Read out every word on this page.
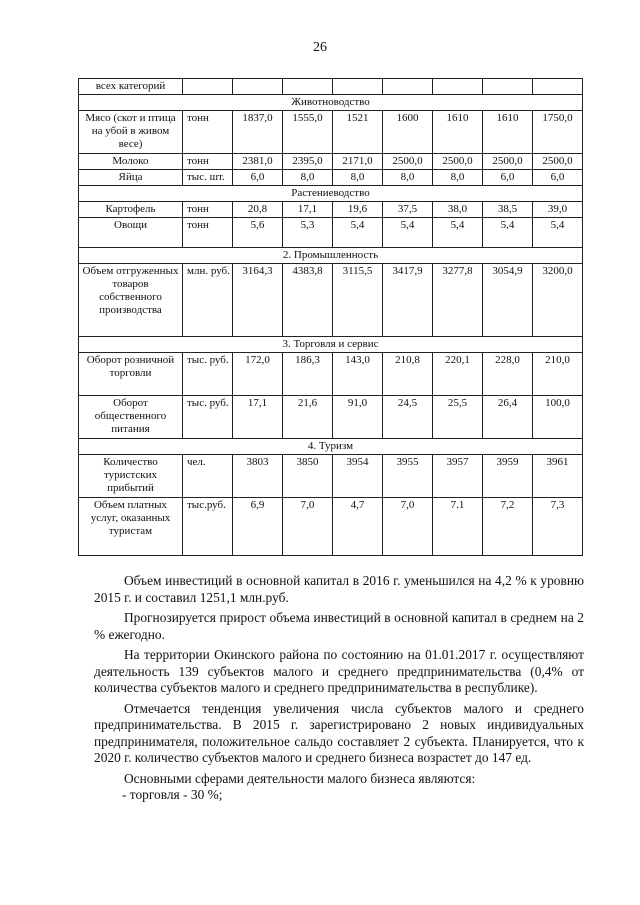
26
всех категорий								
Животноводство								
Мясо (скот и птица на убой в живом весе)	тонн	1837,0	1555,0	1521	1600	1610	1610	1750,0
Молоко	тонн	2381,0	2395,0	2171,0	2500,0	2500,0	2500,0	2500,0
Яйца	тыс. шт.	6,0	8,0	8,0	8,0	8,0	6,0	6,0
Растениеводство								
Картофель	тонн	20,8	17,1	19,6	37,5	38,0	38,5	39,0
Овощи	тонн	5,6	5,3	5,4	5,4	5,4	5,4	5,4
2. Промышленность								
Объем отгруженных товаров собственного производства	млн. руб.	3164,3	4383,8	3115,5	3417,9	3277,8	3054,9	3200,0
3. Торговля и сервис								
Оборот розничной торговли	тыс. руб.	172,0	186,3	143,0	210,8	220,1	228,0	210,0
Оборот общественного питания	тыс. руб.	17,1	21,6	91,0	24,5	25,5	26,4	100,0
4. Туризм								
Количество туристских прибытий	чел.	3803	3850	3954	3955	3957	3959	3961
Объем платных услуг, оказанных туристам	тыс.руб.	6,9	7,0	4,7	7,0	7.1	7,2	7,3

Объем инвестиций в основной капитал в 2016 г. уменьшился на 4,2 % к уровню 2015 г. и составил 1251,1 млн.руб.

Прогнозируется прирост объема инвестиций в основной капитал в среднем на 2 % ежегодно.

На территории Окинского района по состоянию на 01.01.2017 г. осуществляют деятельность 139 субъектов малого и среднего предпринимательства (0,4% от количества субъектов малого и среднего предпринимательства в республике).

Отмечается тенденция увеличения числа субъектов малого и среднего предпринимательства. В 2015 г. зарегистрировано 2 новых индивидуальных предпринимателя, положительное сальдо составляет 2 субъекта. Планируется, что к 2020 г. количество субъектов малого и среднего бизнеса возрастет до 147 ед.

Основными сферами деятельности малого бизнеса являются:

- торговля - 30 %;
